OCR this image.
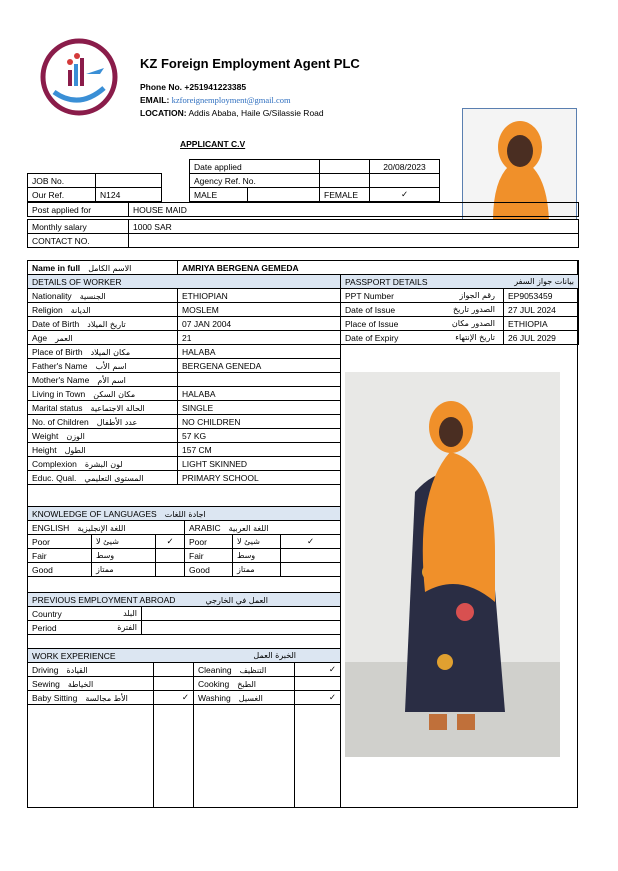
KZ Foreign Employment Agent PLC
Phone No. +251941223385
EMAIL: kzforeignemployment@gmail.com
LOCATION: Addis Ababa, Haile G/Silassie Road
APPLICANT C.V
Date applied		20/08/2023
JOB No.	
Our Ref.	N124
Agency Ref. No.			
MALE		FEMALE	✓
Post applied for	HOUSE MAID
Monthly salary	1000 SAR
CONTACT NO.	
Name in full الاسم الكامل	AMRIYA BERGENA GEMEDA
DETAILS OF WORKER	
Nationality الجنسية	ETHIOPIAN
Religion الديانة	MOSLEM
Date of Birth تاريخ الميلاد	07 JAN 2004
Age العمر	21
Place of Birth مكان الميلاد	HALABA
Father's Name اسم الأب	BERGENA GENEDA
Mother's Name اسم الأم	
Living in Town مكان السكن	HALABA
Marital status الحالة الاجتماعية	SINGLE
No. of Children عدد الأطفال	NO CHILDREN
Weight الوزن	57 KG
Height الطول	157 CM
Complexion لون البشرة	LIGHT SKINNED
Educ. Qual. المستوى التعليمي	PRIMARY SCHOOL
PASSPORT DETAILS بيانات جواز السفر	

PPT Number رقم الجواز	EP9053459
Date of Issue الصدور تاريخ	27 JUL 2024
Place of Issue الصدور مكان	ETHIOPIA
Date of Expiry تاريخ الإنتهاء	26 JUL 2029
KNOWLEDGE OF LANGUAGES اجادة اللغات					
ENGLISH اللغة الإنجليزية			ARABIC اللغة العربية		
Poor	شيئ لا	✓	Poor	شيئ لا	✓
Fair	وسط		Fair	وسط	
Good	ممتاز		Good	ممتاز	
PREVIOUS EMPLOYMENT ABROAD العمل في الخارجي	
Country البلد	

Period الفترة	

WORK EXPERIENCE الخبرة العمل			

Driving القيادة		Cleaning التنظيف	✓
Sewing الخياطة		Cooking الطبخ	
Baby Sitting الأط مجالسة	✓	Washing الغسيل	✓
